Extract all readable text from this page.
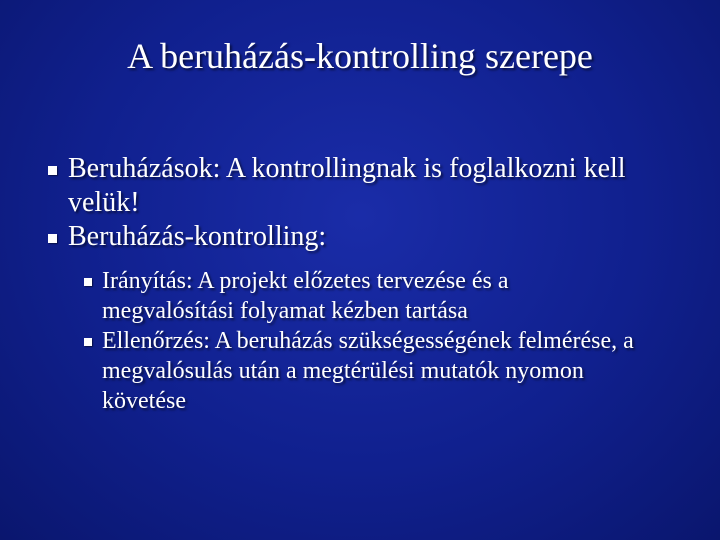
A beruházás-kontrolling szerepe
Beruházások: A kontrollingnak is foglalkozni kell velük!
Beruházás-kontrolling:
Irányítás: A projekt előzetes tervezése és a megvalósítási folyamat kézben tartása
Ellenőrzés: A beruházás szükségességének felmérése, a megvalósulás után a megtérülési mutatók nyomon követése
